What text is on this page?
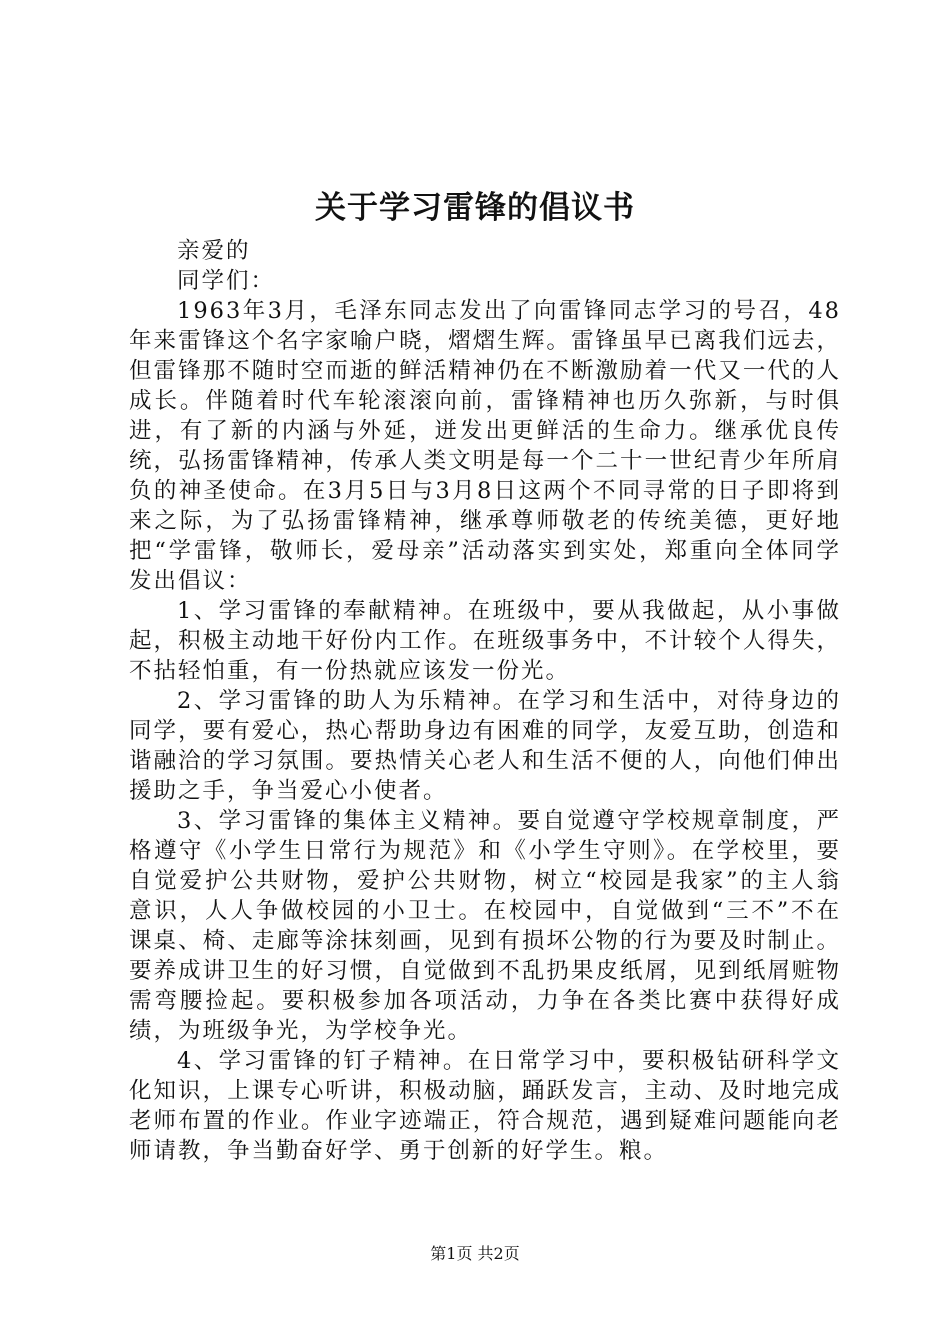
关于学习雷锋的倡议书

亲爱的

同学们：

1963年3月，毛泽东同志发出了向雷锋同志学习的号召，48年来雷锋这个名字家喻户晓，熠熠生辉。雷锋虽早已离我们远去，但雷锋那不随时空而逝的鲜活精神仍在不断激励着一代又一代的人成长。伴随着时代车轮滚滚向前，雷锋精神也历久弥新，与时俱进，有了新的内涵与外延，迸发出更鲜活的生命力。继承优良传统，弘扬雷锋精神，传承人类文明是每一个二十一世纪青少年所肩负的神圣使命。在3月5日与3月8日这两个不同寻常的日子即将到来之际，为了弘扬雷锋精神，继承尊师敬老的传统美德，更好地把“学雷锋，敬师长，爱母亲”活动落实到实处，郑重向全体同学发出倡议：

1、学习雷锋的奉献精神。在班级中，要从我做起，从小事做起，积极主动地干好份内工作。在班级事务中，不计较个人得失，不拈轻怕重，有一份热就应该发一份光。

2、学习雷锋的助人为乐精神。在学习和生活中，对待身边的同学，要有爱心，热心帮助身边有困难的同学，友爱互助，创造和谐融洽的学习氛围。要热情关心老人和生活不便的人，向他们伸出援助之手，争当爱心小使者。

3、学习雷锋的集体主义精神。要自觉遵守学校规章制度，严格遵守《小学生日常行为规范》和《小学生守则》。在学校里，要自觉爱护公共财物，爱护公共财物，树立“校园是我家”的主人翁意识，人人争做校园的小卫士。在校园中，自觉做到“三不”不在课桌、椅、走廊等涂抹刻画，见到有损坏公物的行为要及时制止。要养成讲卫生的好习惯，自觉做到不乱扔果皮纸屑，见到纸屑赃物需弯腰捡起。要积极参加各项活动，力争在各类比赛中获得好成绩，为班级争光，为学校争光。

4、学习雷锋的钉子精神。在日常学习中，要积极钻研科学文化知识，上课专心听讲，积极动脑，踊跃发言，主动、及时地完成老师布置的作业。作业字迹端正，符合规范，遇到疑难问题能向老师请教，争当勤奋好学、勇于创新的好学生。粮。

第1页 共2页
